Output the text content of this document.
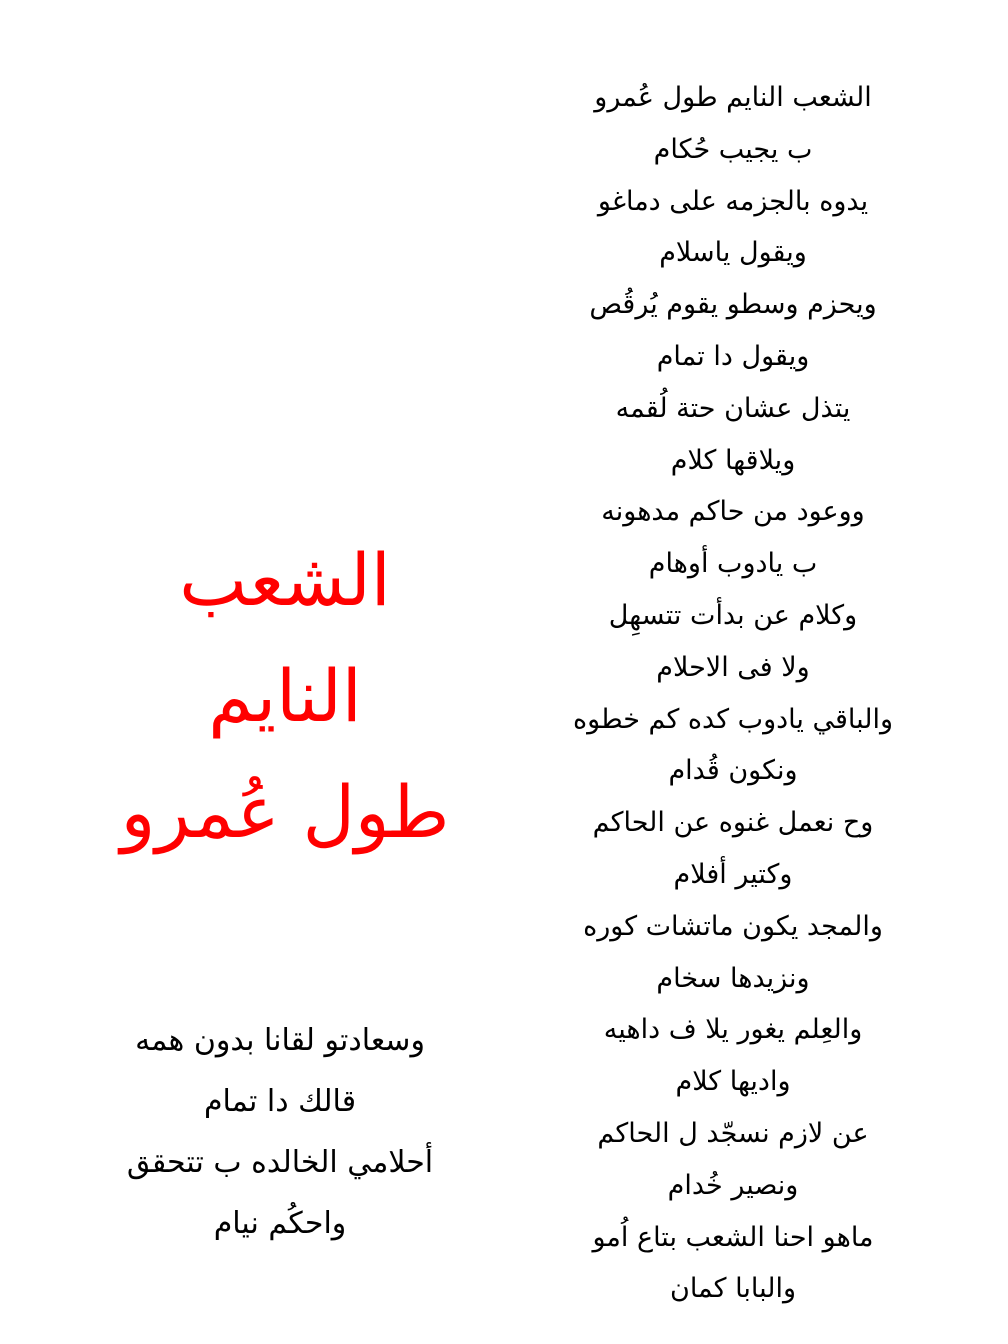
الشعب النايم طول عُمرو
ب يجيب حُكام
يدوه بالجزمه على دماغو
ويقول ياسلام
ويحزم وسطو يقوم يُرقُص
ويقول دا تمام
يتذل عشان حتة لُقمه
ويلاقها كلام
ووعود من حاكم مدهونه
ب يادوب أوهام
وكلام عن بدأت تتسهِل
ولا فى الاحلام
والباقي يادوب كده كم خطوه
ونكون قُدام
وح نعمل غنوه عن الحاكم
وكتير أفلام
والمجد يكون ماتشات كوره
ونزيدها سخام
والعِلم يغور يلا ف داهيه
واديها كلام
عن لازم نسجّد ل الحاكم
ونصير خُدام
ماهو احنا الشعب بتاع اُمو
والبابا كمان
الشعب
النايم
طول عُمرو
وسعادتو لقانا بدون همه
قالك دا تمام
أحلامي الخالده ب تتحقق
واحكُم نيام
